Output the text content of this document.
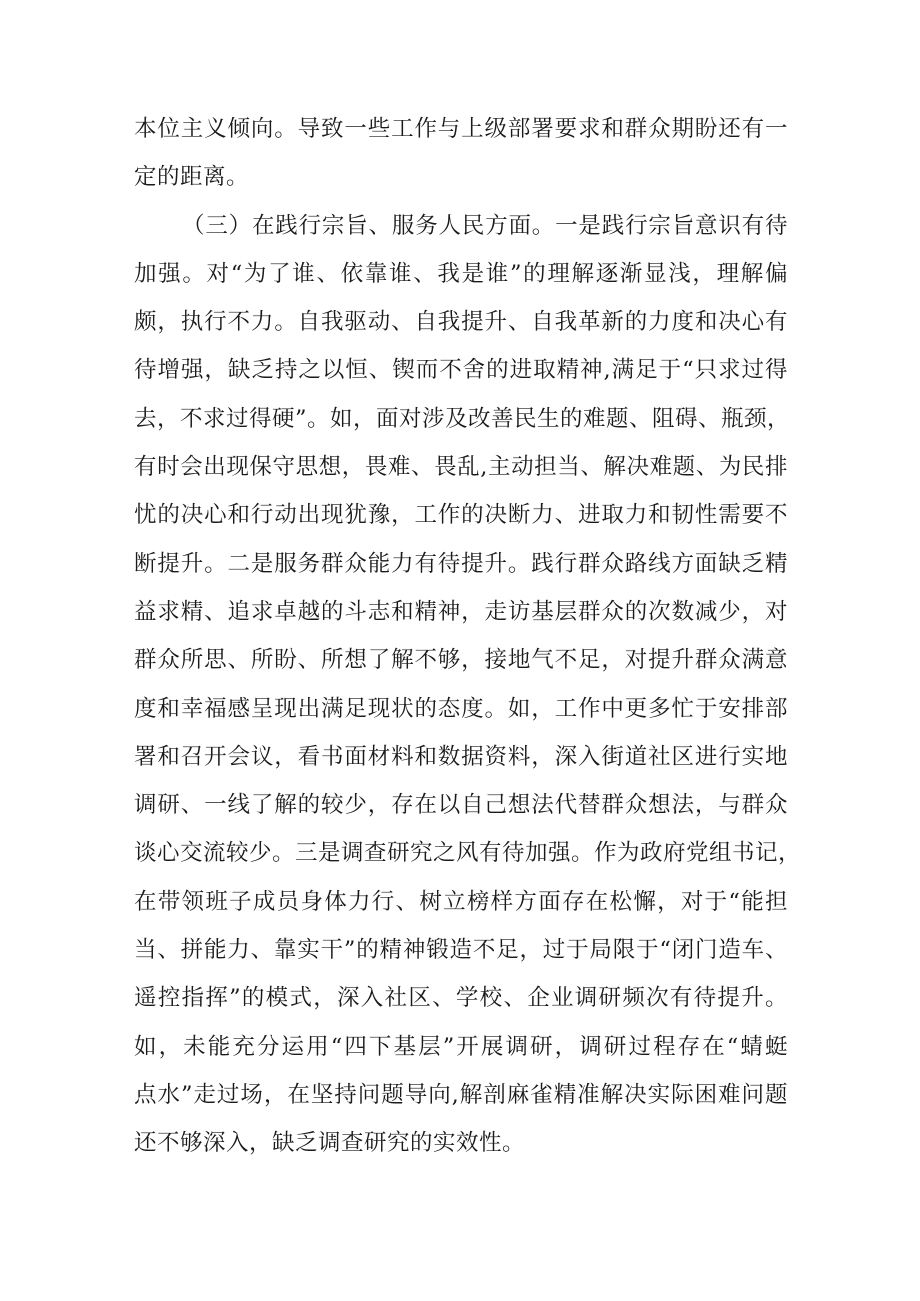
本位主义倾向。导致一些工作与上级部署要求和群众期盼还有一
定的距离。
（三）在践行宗旨、服务人民方面。一是践行宗旨意识有待
加强。对“为了谁、依靠谁、我是谁”的理解逐渐显浅，理解偏
颇，执行不力。自我驱动、自我提升、自我革新的力度和决心有
待增强，缺乏持之以恒、锲而不舍的进取精神,满足于“只求过得
去，不求过得硬”。如，面对涉及改善民生的难题、阻碍、瓶颈，
有时会出现保守思想，畏难、畏乱,主动担当、解决难题、为民排
忧的决心和行动出现犹豫，工作的决断力、进取力和韧性需要不
断提升。二是服务群众能力有待提升。践行群众路线方面缺乏精
益求精、追求卓越的斗志和精神，走访基层群众的次数减少，对
群众所思、所盼、所想了解不够，接地气不足，对提升群众满意
度和幸福感呈现出满足现状的态度。如，工作中更多忙于安排部
署和召开会议，看书面材料和数据资料，深入街道社区进行实地
调研、一线了解的较少，存在以自己想法代替群众想法，与群众
谈心交流较少。三是调查研究之风有待加强。作为政府党组书记，
在带领班子成员身体力行、树立榜样方面存在松懈，对于“能担
当、拼能力、靠实干”的精神锻造不足，过于局限于“闭门造车、
遥控指挥”的模式，深入社区、学校、企业调研频次有待提升。
如，未能充分运用“四下基层”开展调研，调研过程存在“蜻蜓
点水”走过场，在坚持问题导向,解剖麻雀精准解决实际困难问题
还不够深入，缺乏调查研究的实效性。
